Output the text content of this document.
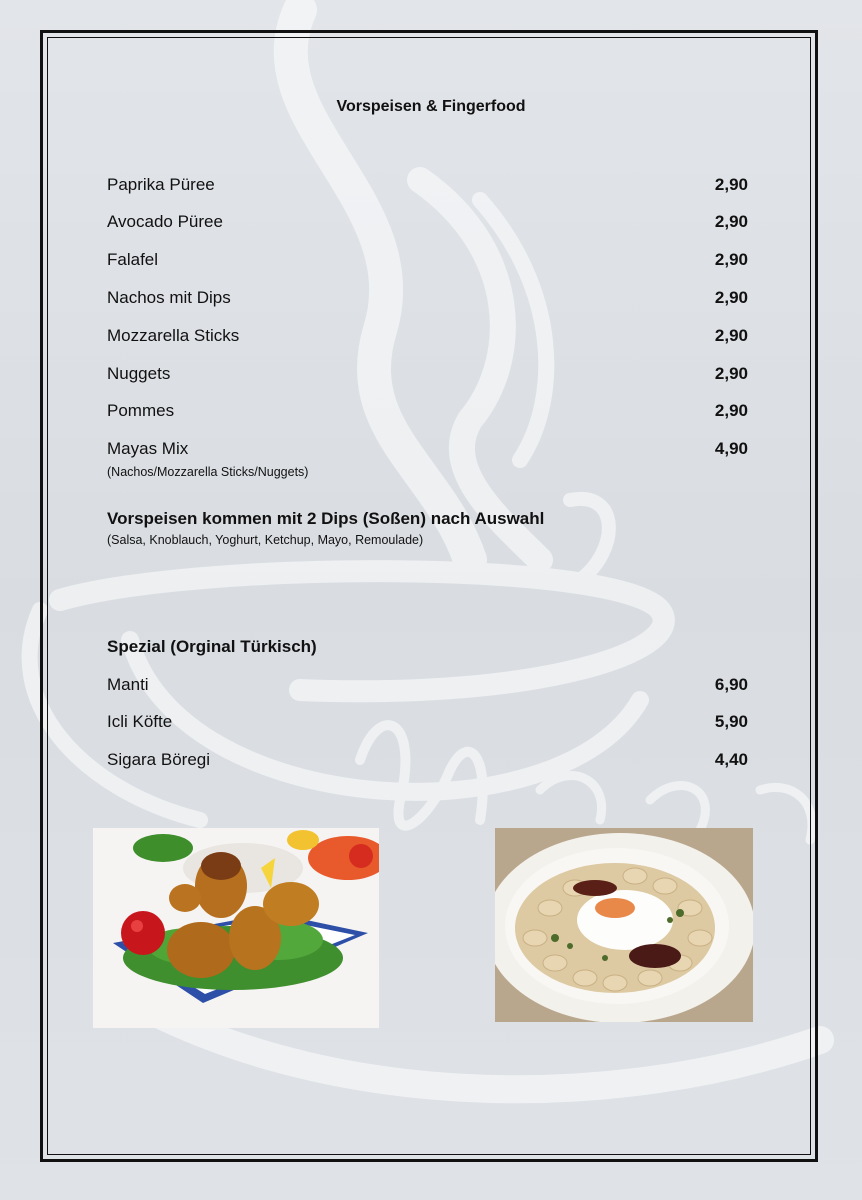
Vorspeisen & Fingerfood
Paprika Püree	2,90
Avocado Püree	2,90
Falafel	2,90
Nachos mit Dips	2,90
Mozzarella Sticks	2,90
Nuggets	2,90
Pommes	2,90
Mayas Mix	4,90
(Nachos/Mozzarella Sticks/Nuggets)
Vorspeisen kommen mit 2 Dips (Soßen) nach Auswahl
(Salsa, Knoblauch, Yoghurt, Ketchup, Mayo, Remoulade)
Spezial (Orginal Türkisch)
Manti	6,90
Icli Köfte	5,90
Sigara Böregi	4,40
